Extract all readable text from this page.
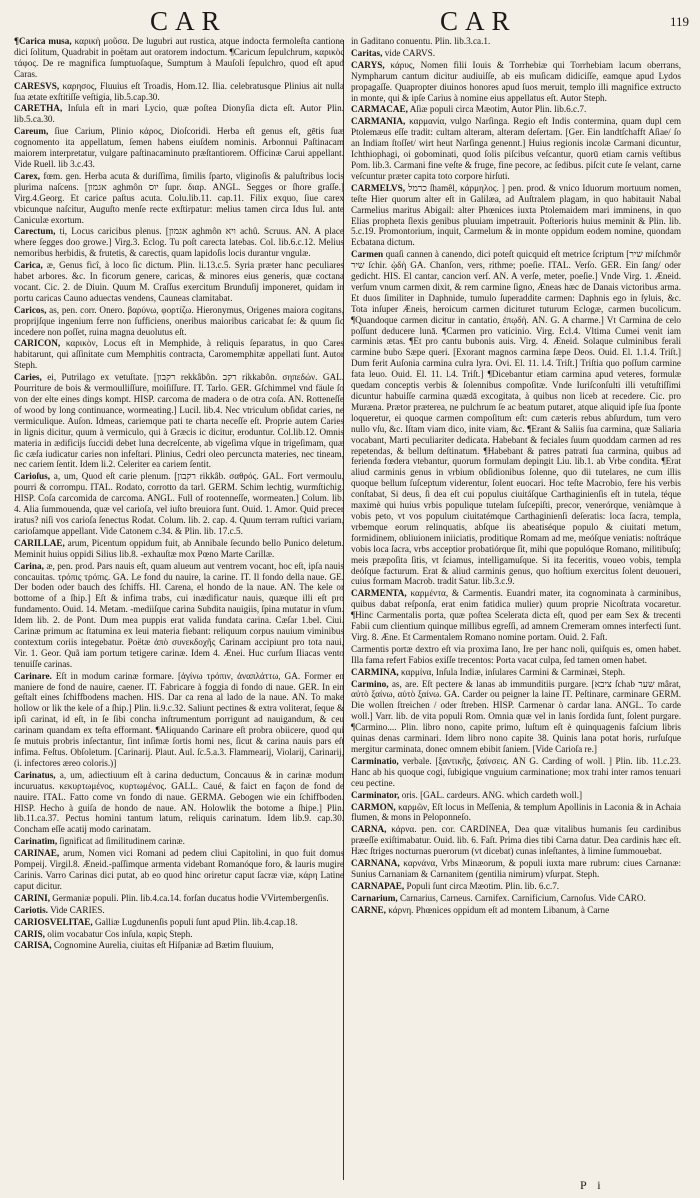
CAR	CAR	119

¶Carica musa, καρικὴ μοῦσα. De lugubri aut rustica, atque indocta fermoleſta cantione dici ſolitum, Quadrabit in poëtam aut oratorem indoctum. ¶Caricum ſepulchrum, καρικὸς τάφος. De re magnifica ſumptuoſaque, Sumptum à Mauſoli ſepulchro, quod eſt apud Caras.

CARESVS, καρησος, Fluuius eſt Troadis, Hom.12. Ilia. celebratusque Plinius ait nulla ſua ætate exſtitiſſe veſtigia, lib.5.cap.30.

CARETHA, Inſula eſt in mari Lycio, quæ poſtea Dionyſia dicta eſt. Autor Plin. lib.5.ca.30.

Careum, ſiue Carium, Plinio κάρος, Dioſcoridi. Herba eſt genus eſt, gētis ſuæ cognomento ita appellatum, ſemen habens eiuſdem nominis. Arbonnui Paſtinacam maiorem interpretatur, vulgare paſtinacaminuto præſtantiorem. Officinæ Carui appellant. Vide Ruell. lib 3.c.43.

Carex, fœm. gen. Herba acuta & duriſſima, ſimilis ſparto, vliginoſis & paluſtribus locis plurima naſcens. [אגמון aghmôn יוס ſupr. διαρ. ANGL. Segges or ſhore graſſe.] Virg.4.Georg. Et carice paſtus acuta. Colu.lib.11. cap.11. Filix exquo, ſiue carex vbicunque naſcitur, Auguſto menſe recte exſtirpatur: melius tamen circa Idus Iul. ante Caniculæ exortum.

Carectum, ti, Locus caricibus plenus. [אגמון aghmôn ויא achû. Scruus. AN. A place where ſegges doo growe.] Virg.3. Eclog. Tu poſt carecta latebas. Col. lib.6.c.12. Melius nemoribus herbidis, & frutetis, & carectis, quam lapidoſis locis durantur vngulæ.

Carica, æ, Genus ficî, à loco ſic dictum. Plin. li.13.c.5. Syria præter hanc peculiares habet arbores. &c. In ficorum genere, caricas, & minores eius generis, quæ coctana vocant. Cic. 2. de Diuin. Quum M. Craſſus exercitum Brunduſij imponeret, quidam in portu caricas Cauno aduectas vendens, Cauneas clamitabat.

Caricos, as, pen. corr. Onero. βαρύνω, φορτίζω. Hieronymus, Origenes maiora cogitans, proprijſque ingenium ferre non ſufficiens, oneribus maioribus caricabat ſe: & quum ſic incedere non poſſet, ruina magna deuolutus eſt.

CARICON, καρικὸν, Locus eſt in Memphide, à reliquis ſeparatus, in quo Cares habitarunt, qui aſſinitate cum Memphitis contracta, Caromemphitæ appellati ſunt. Autor Steph.

Caries, ei, Putrilago ex vetuſtate. [רקבון rekkâbôn. רקב rikkabôn. σηπεδών. GAL. Pourriture de bois & vermoulliſſure, moiſiſſure. IT. Tarlo. GER. Gſchimmel vnd fäule ſo von der elte eines dings kompt. HISP. carcoma de madera o de otra coſa. AN. Rotteneſſe of wood by long continuance, wormeating.] Lucil. lib.4. Nec vtriculum obſidat caries, ne vermiculique. Auſon. Idmeas, cariemque pati te charta neceſſe eſt. Proprie autem Caries in lignis dicitur, quum à vermiculo, qui à Græcis ic dicitur, eroduntur. Col.lib.12. Omnis materia in ædificijs ſuccidi debet luna decreſcente, ab vigeſima vſque in trigeſimam, quæ ſic cæſa iudicatur caries non infeſtari. Plinius, Cedri oleo percuncta materies, nec tineam, nec cariem ſentit. Idem li.2. Celeriter ea cariem ſentit.

Carioſus, a, um, Quod eſt carie plenum. [רקבון rikkâb. σαθρός. GAL. Fort vermoulu, pourri & corrompu. ITAL. Rodato, corrotto da tarl. GERM. Schim lechtig, wurmſtichig. HISP. Coſa carcomida de carcoma. ANGL. Full of rootenneſſe, wormeaten.] Colum. lib. 4. Alia ſummouenda, quæ vel carioſa, vel iuſto breuiora ſunt. Ouid. 1. Amor. Quid precer iratus? niſi vos carioſa ſenectus Rodat. Colum. lib. 2. cap. 4. Quum terram ruſtici variam, carioſamque appellant. Vide Catonem c.34. & Plin. lib. 17.c.5.

CARILLAE, arum, Picentum oppidum fuit, ab Annibale ſecundo bello Punico deletum. Meminit huius oppidi Silius lib.8. -exhauſtæ mox Pœno Marte Carillæ.

Carina, æ, pen. prod. Pars nauis eſt, quam alueum aut ventrem vocant, hoc eſt, ipſa nauis concauitas. τρόπις τρόπις. GA. Le fond du nauire, la carine. IT. Il fondo della naue. GE. Der boden oder bauch des ſchiffs. HI. Carena, el hondo de la naue. AN. The kele or bottome of a ſhip.] Eſt & infima trabs, cui inædificatur nauis, quæque illi eſt pro fundamento. Ouid. 14. Metam. -mediiſque carina Subdita nauigiis, ſpina mutatur in vſum. Idem lib. 2. de Pont. Dum mea puppis erat valida fundata carina. Cæſar 1.bel. Ciui. Carinæ primum ac ſtatumina ex leui materia fiebant: reliquum corpus nauium viminibus contextum coriis integebatur. Poëtæ ἀπὸ συνεκδοχῆς Carinam accipiunt pro tota naui, Vir. 1. Geor. Quã iam portum tetigere carinæ. Idem 4. Ænei. Huc curſum Iliacas vento tenuiſſe carinas.

Carinare. Eſt in modum carinæ formare. [ἀγίνω τρόπιν, ἀναπλάττω, GA. Former en maniere de fond de nauire, caener. IT. Fabricare à foggia di fondo di naue. GER. In ein geſtalt eines ſchiffbodens machen. HIS. Dar ca rena al lado de la naue. AN. To make hollow or lik the kele of a ſhip.] Plin. li.9.c.32. Saliunt pectines & extra voliterat, ſeque & ipſi carinat, id eſt, in ſe ſibi concha inſtrumentum porrigunt ad nauigandum, & ceu carinam quandam ex teſta efformant. ¶Aliquando Carinare eſt probra obiicere, quod qui ſe mutuis probris inſectantur, ſint inſimæ ſortis homi nes, ſicut & carina nauis pars eſt infima. Feſtus. Obſoletum. [Carinarij. Plaut. Aul. ſc.5.a.3. Flammearij, Violarij, Carinarij, (i. infectores æreo coloris.)]

Carinatus, a, um, adiectiuum eſt à carina deductum, Concauus & in carinæ modum incuruatus. κεκυρτωμένος, κυρτωμένος. GALL. Caué, & faict en façon de fond de nauire. ITAL. Fatto come vn fondo di naue. GERMA. Gebogen wie ein ſchiffboden. HISP. Hecho à guiſa de hondo de naue. AN. Holowlik the botome a ſhipe.] Plin. lib.11.ca.37. Pectus homini tantum latum, reliquis carinatum. Idem lib.9. cap.30. Concham eſſe acatij modo carinatam.

Carinatim, ſignificat ad ſimilitudinem carinæ.

CARINAE, arum, Nomen vici Romani ad pedem cliui Capitolini, in quo fuit domus Pompeij. Virgil.8. Æneid.-paſſimque armenta videbant Romanóque foro, & lauris mugire Carinis. Varro Carinas dici putat, ab eo quod hinc oriretur caput ſacræ viæ, κάρη Latine caput dicitur.

CARINI, Germaniæ populi. Plin. lib.4.ca.14. forſan ducatus hodie VVirtembergenſis.

Cariotis. Vide CARIES.

CARIOSVELITAE, Galliæ Lugdunenſis populi ſunt apud Plin. lib.4.cap.18.

CARIS, olim vocabatur Cos inſula, καρὶς Steph.

CARISA, Cognomine Aurelia, ciuitas eſt Hiſpaniæ ad Bætim fluuium,

in Gaditano conuentu. Plin. lib.3.ca.1.

Caritas, vide CARVS.

CARYS, κάρυς, Nomen filii Iouis & Torrhebiæ qui Torrhebiam lacum oberrans, Nympharum cantum dicitur audiuiſſe, ab eis muſicam didiciſſe, eamque apud Lydos propagaſſe. Quapropter diuinos honores apud ſuos meruit, templo illi magnifice extructo in monte, qui & ipſe Carius à nomine eius appellatus eſt. Autor Steph.

CARMACAE, Aſiæ populi circa Mæotim, Autor Plin. lib.6.c.7.

CARMANIA, καρμανία, vulgo Narſinga. Regio eſt Indis contermina, quam dupl cem Ptolemæus eſſe tradit: cultam alteram, alteram deſertam. [Ger. Ein landtſchafft Aſiae/ ſo an Indiam ſtoſſet/ wirt heut Narſinga genennt.] Huius regionis incolæ Carmani dicuntur, Ichthiophagi, oi gobominati, quod ſolis piſcibus veſcantur, quorū etiam carnis veſtibus Pom. lib.3. Carmani fine veſte & fruge, fine pecore, ac ſedibus. piſcit cute ſe velant, carne veſcuntur præter capita toto corpore hirſuti.

CARMELVS, כרמל ſhamêl, κάρμηλος. ] pen. prod. & vnico Iduorum mortuum nomen, teſte Hier quorum alter eſt in Galilæa, ad Auſtralem plagam, in quo habitauit Nabal Carmelius maritus Abigail: alter Phœnices iuxta Ptolemaidem mari imminens, in quo Elias propheta ſlexis genibus pluuiam impetrauit. Poſterioris huius meminit & Plin. lib. 5.c.19. Promontorium, inquit, Carmelum & in monte oppidum eodem nomine, quondam Ecbatana dictum.

Carmen quaſi cannen à canendo, dici poteſt quicquid eſt metrice ſcriptum [שיר miſchmôr שיר ſchir. ᾠδὴ GA. Chanſon, vers, rithme; poeſie. ITAL. Verſo. GER. Ein ſang/ oder gedicht. HIS. El cantar, cancion verſ. AN. A verſe, meter, poeſie.] Vnde Virg. 1. Æneid. verſum vnum carmen dixit, & rem carmine ſigno, Æneas hæc de Danais victoribus arma. Et duos ſimiliter in Daphnide, tumulo ſuperaddite carmen: Daphnis ego in ſyluis, &c. Tota inſuper Æneis, heroicum carmen dicituret tuturum Eclogæ, carmen bucolicum. ¶Quandoque carmen dicitur in cantatio, ἐπῳδὴ. AN. G. A charme.] Vt Carmina de celo poſſunt deducere lunā. ¶Carmen pro vaticinio. Virg. Ecl.4. Vltima Cumei venit iam carminis ætas. ¶Et pro cantu bubonis auis. Virg. 4. Æneid. Solaque culminibus ferali carmine bubo Sæpe queri. [Exorant magnos carmina ſæpe Deos. Ouid. El. 1.1.4. Triſt.] Dum ferit Auſonia carmina culra lyra. Ovi. El. 11. l.4. Triſt.] Triſtia quo poſſum carmine fata leuo. Ouid. El. 11. l.4. Triſt.] ¶Dicebantur etiam carmina apud veteres, formulæ quedam conceptis verbis & ſolennibus compoſitæ. Vnde Iuriſconſulti illi vetuſtiſſimi dicuntur habuiſſe carmina quædā excogitata, à quibus non liceb at recedere. Cic. pro Muræna. Prætor præterea, ne pulchrum ſe ac beatum putaret, atque aliquid ipſe ſua ſponte loqueretur, ei quoque carmen compoſitum eſt: cum cæteris rebus abſurdum, tum vero nullo vſu, &c. Iſtam viam dico, inite viam, &c. ¶Erant & Saliis ſua carmina, quæ Saliaria vocabant, Marti peculiariter dedicata. Habebant & feciales ſuum quoddam carmen ad res repetendas, & bellum deſtinatum. ¶Habebant & patres patrati ſua carmina, quibus ad ferienda fœdera vtebantur, quorum formulam depingit Liu. lib.1. ab Vrbe condita. ¶Erat aliud carminis genus in vrbium obſidionibus ſolenne, quo dii tutelares, ne cum illis quoque bellum ſuſceptum viderentur, ſolent euocari. Hoc teſte Macrobio, fere his verbis conſtabat, Si deus, ſi dea eſt cui populus ciuitáſque Carthaginienſis eſt in tutela, téque maximè qui huius vrbis populique tutelam ſuſcepiſti, precor, venerórque, veniàmque à vobis peto, vt vos populum ciuitatémque Carthaginienſi deſeratis: loca ſacra, templa, vrbemque eorum relinquatis, abſque iis abeatiséque populo & ciuitati metum, formidinem, obliuionem iniiciatis, proditique Romam ad me, meóſque veniatis: noſtráque vobis loca ſacra, vrbs acceptior probatiórque ſit, mihi que populóque Romano, militibuſq; meis præpoſita ſitis, vt ſciamus, intelligamuſque. Si ita feceritis, voueo vobis, templa deóſque facturum. Erat & aliud carminis genus, quo hoſtium exercitus ſolent deuoueri, cuius formam Macrob. tradit Satur. lib.3.c.9.

CARMENTA, καρμέντα, & Carmentis. Euandri mater, ita cognominata à carminibus, quibus dabat reſponſa, erat enim fatidica mulier) quum proprie Nicoſtrata vocaretur. ¶Hinc Carmentalis porta, quæ poſtea Scelerata dicta eſt, quod per eam Sex & trecenti Fabii cum clientium quinque millibus egreſſi, ad amnem Cremeram omnes interfecti ſunt. Virg. 8. Æne. Et Carmentalem Romano nomine portam. Ouid. 2. Faſt.

Carmentis portæ dextro eſt via proxima Iano, Ire per hanc noli, quiſquis es, omen habet. Illa fama refert Fabios exiſſe trecentos: Porta vacat culpa, ſed tamen omen habet.

CARMINA, καρμίνα, Inſula Indiæ, inſulares Carmini & Carminæi, Steph.

Carmino, as, are. Eſt pectere & lanas ab immunditiis purgare. [ציבא ſchab שער mârat, αὐτὸ ξαίνω, αὐτὸ ξαίνω. GA. Carder ou peigner la laine IT. Peſtinare, carminare GERM. Die wollen ſtreichen / oder ſtreben. HISP. Carmenar ò cardar lana. ANGL. To carde woll.] Varr. lib. de vita populi Rom. Omnia quæ vel in lanis ſordida ſunt, ſolent purgare. ¶Carmino.... Plin. libro nono, capite primo, luſtum eſt è quinquagenis faſcium libris quinas denas carminari. Idem libro nono capite 38. Quinis lana potat horis, rurſuſque mergitur carminata, donec omnem ebibit ſaniem. [Vide Carioſa re.]

Carminatio, verbale. [ξαντικῆς, ξαίνσεις. AN G. Carding of woll. ] Plin. lib. 11.c.23. Hanc ab his quoque cogi, ſubigique vnguium carminatione; mox trahi inter ramos tenuari ceu pectine.

Carminator, oris. [GAL. cardeurs. ANG. which cardeth woll.]

CARMON, καρμῶν, Eſt locus in Meſſenia, & templum Apollinis in Laconia & in Achaia flumen, & mons in Peloponneſo.

CARNA, κάρνα. pen. cor. CARDINEA, Dea quæ vitalibus humanis ſeu cardinibus præeſſe exiſtimabatur. Ouid. lib. 6. Faſt. Prima dies tibi Carna datur. Dea cardinis hæc eſt. Hæc ſtriges nocturnas puerorum (vt dicebat) cunas inſeſtantes, à limine ſummouebat.

CARNANA, καρνάνα, Vrbs Minæorum, & populi iuxta mare rubrum: ciues Carnanæ: Sunius Carnaniam & Carnanitem (gentilia nimirum) vſurpat. Steph.

CARNAPAE, Populi ſunt circa Mæotim. Plin. lib. 6.c.7.

Carnarium, Carnarius, Carneus. Carnifex. Carnificium, Carnoſus. Vide CARO.

CARNE, κάρνη. Phœnices oppidum eſt ad montem Libanum, à Carne

P i
